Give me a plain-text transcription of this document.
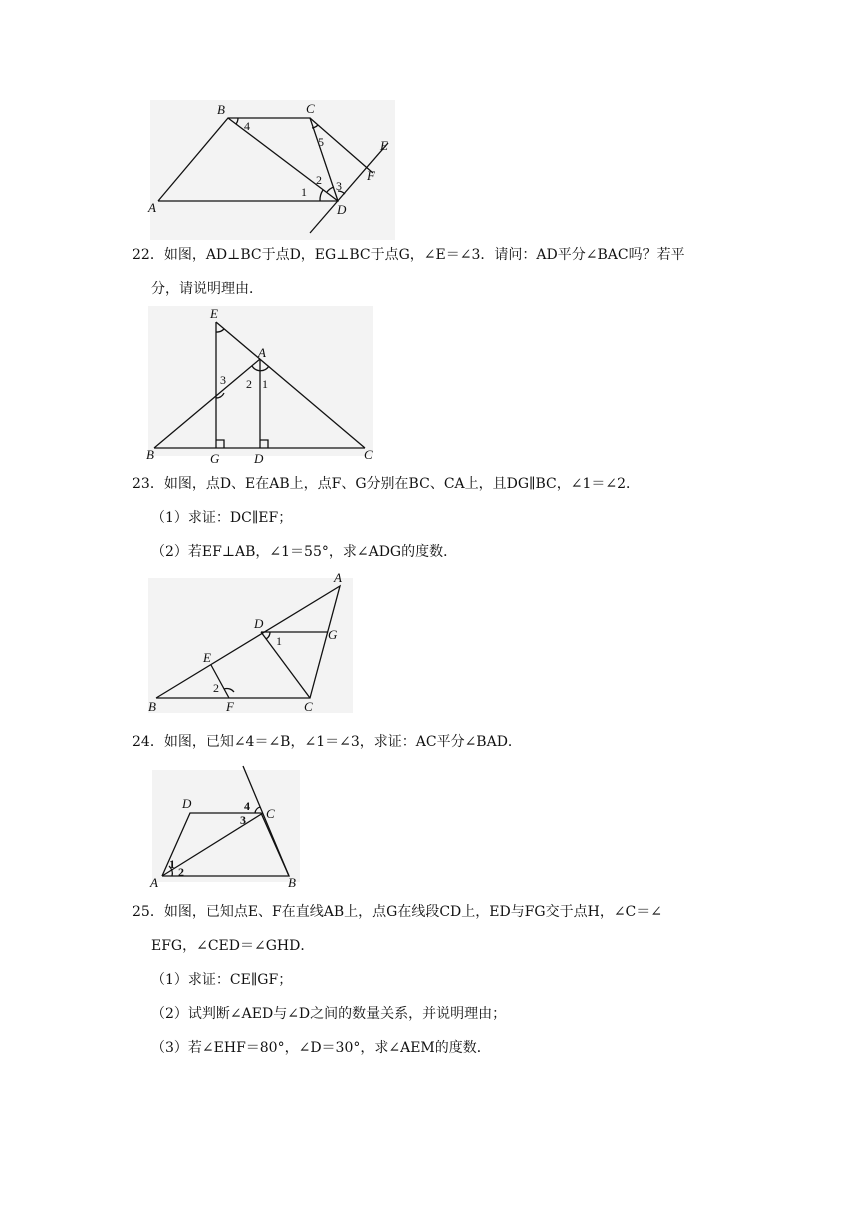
B	C
E
F
A	D
4
5
1
2 3
22．如图，AD⊥BC于点D，EG⊥BC于点G，∠E＝∠3．请问：AD平分∠BAC吗？若平
分，请说明理由．
E
A
B	C
G	D
3 2 1
23．如图，点D、E在AB上，点F、G分别在BC、CA上，且DG∥BC，∠1＝∠2．
（1）求证：DC∥EF；
（2）若EF⊥AB，∠1＝55°，求∠ADG的度数．
A
D
G
E
B	F	C
1
2
24．如图，已知∠4＝∠B，∠1＝∠3，求证：AC平分∠BAD．
D
C
A	B
4
3
1
2
25．如图，已知点E、F在直线AB上，点G在线段CD上，ED与FG交于点H，∠C＝∠
EFG，∠CED＝∠GHD．
（1）求证：CE∥GF；
（2）试判断∠AED与∠D之间的数量关系，并说明理由；
（3）若∠EHF＝80°，∠D＝30°，求∠AEM的度数．
